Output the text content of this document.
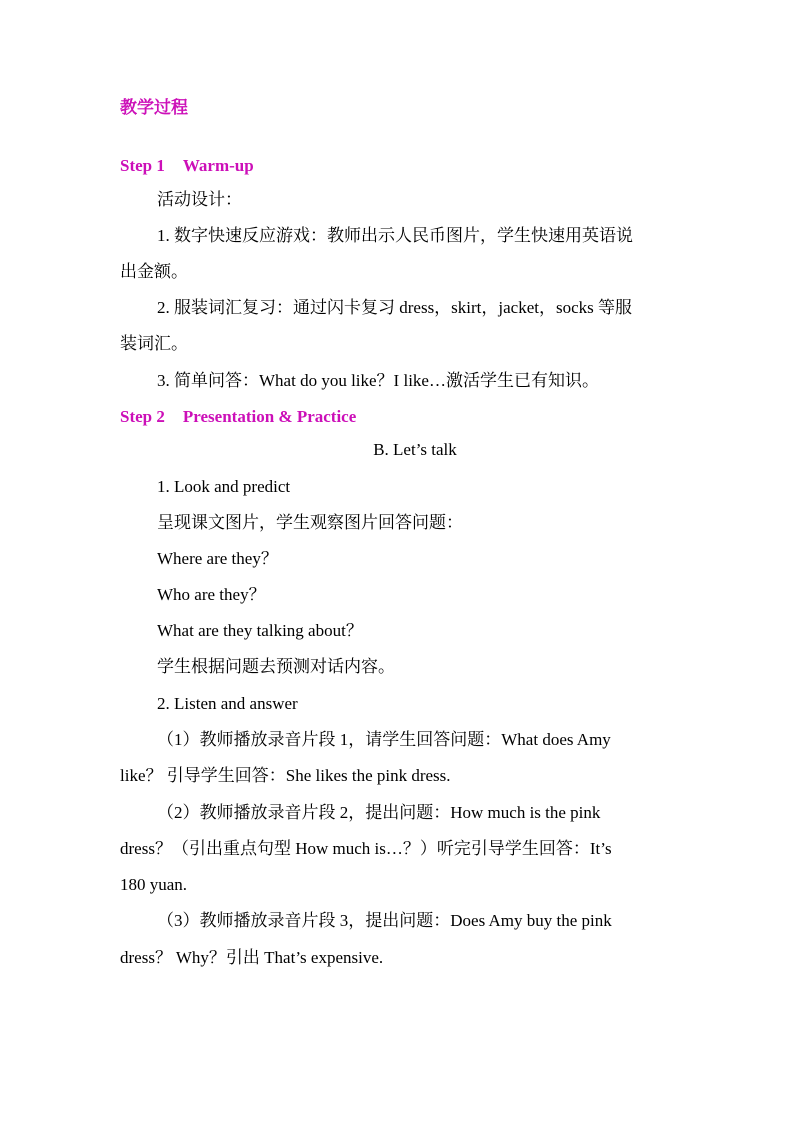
教学过程
Step 1 Warm-up
活动设计：
1. 数字快速反应游戏：教师出示人民币图片，学生快速用英语说
出金额。
2. 服装词汇复习：通过闪卡复习 dress，skirt，jacket，socks 等服
装词汇。
3. 简单问答：What do you like？I like…激活学生已有知识。
Step 2 Presentation & Practice
B. Let’s talk
1. Look and predict
呈现课文图片，学生观察图片回答问题：
Where are they？
Who are they？
What are they talking about？
学生根据问题去预测对话内容。
2. Listen and answer
（1）教师播放录音片段 1，请学生回答问题：What does Amy
like？ 引导学生回答：She likes the pink dress.
（2）教师播放录音片段 2，提出问题：How much is the pink
dress？（引出重点句型 How much is…？）听完引导学生回答：It’s
180 yuan.
（3）教师播放录音片段 3，提出问题：Does Amy buy the pink
dress？ Why？引出 That’s expensive.
